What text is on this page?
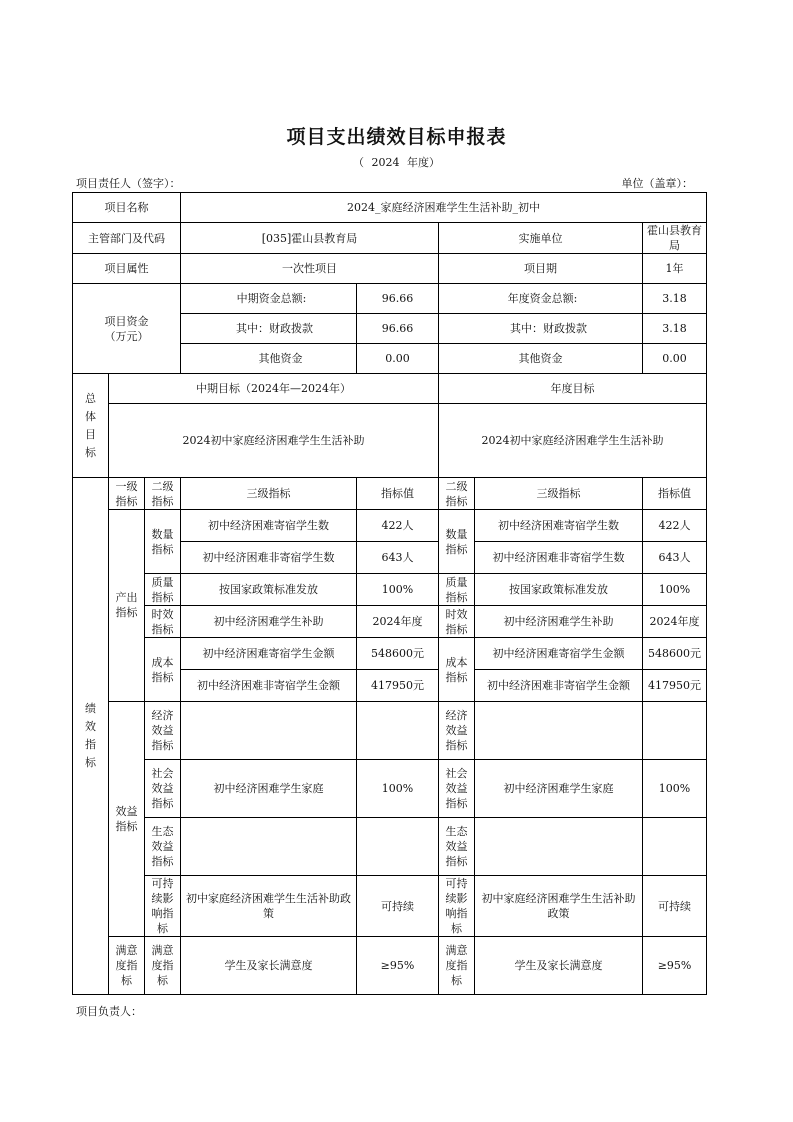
项目支出绩效目标申报表
（ 2024 年度）
项目责任人（签字）：	单位（盖章）：
项目名称			2024_家庭经济困难学生生活补助_初中				
主管部门及代码			[035]霍山县教育局		实施单位		霍山县教育局
项目属性			一次性项目		项目期		1年
项目资金（万元）			中期资金总额:	96.66	年度资金总额:		3.18
			其中：财政拨款	96.66	其中：财政拨款		3.18
			其他资金	0.00	其他资金		0.00
总体目标	中期目标（2024年—2024年）				年度目标		
	2024初中家庭经济困难学生生活补助				2024初中家庭经济困难学生生活补助		
绩效指标	一级指标	二级指标	三级指标	指标值	二级指标	三级指标	指标值
	产出指标	数量指标	初中经济困难寄宿学生数	422人	数量指标	初中经济困难寄宿学生数	422人
			初中经济困难非寄宿学生数	643人		初中经济困难非寄宿学生数	643人
		质量指标	按国家政策标准发放	100%	质量指标	按国家政策标准发放	100%
		时效指标	初中经济困难学生补助	2024年度	时效指标	初中经济困难学生补助	2024年度
		成本指标	初中经济困难寄宿学生金额	548600元	成本指标	初中经济困难寄宿学生金额	548600元
			初中经济困难非寄宿学生金额	417950元		初中经济困难非寄宿学生金额	417950元
	效益指标	经济效益指标			经济效益指标		
		社会效益指标	初中经济困难学生家庭	100%	社会效益指标	初中经济困难学生家庭	100%
		生态效益指标			生态效益指标		
		可持续影响指标	初中家庭经济困难学生生活补助政策	可持续	可持续影响指标	初中家庭经济困难学生生活补助政策	可持续
	满意度指标	满意度指标	学生及家长满意度	≥95%	满意度指标	学生及家长满意度	≥95%
项目负责人：
